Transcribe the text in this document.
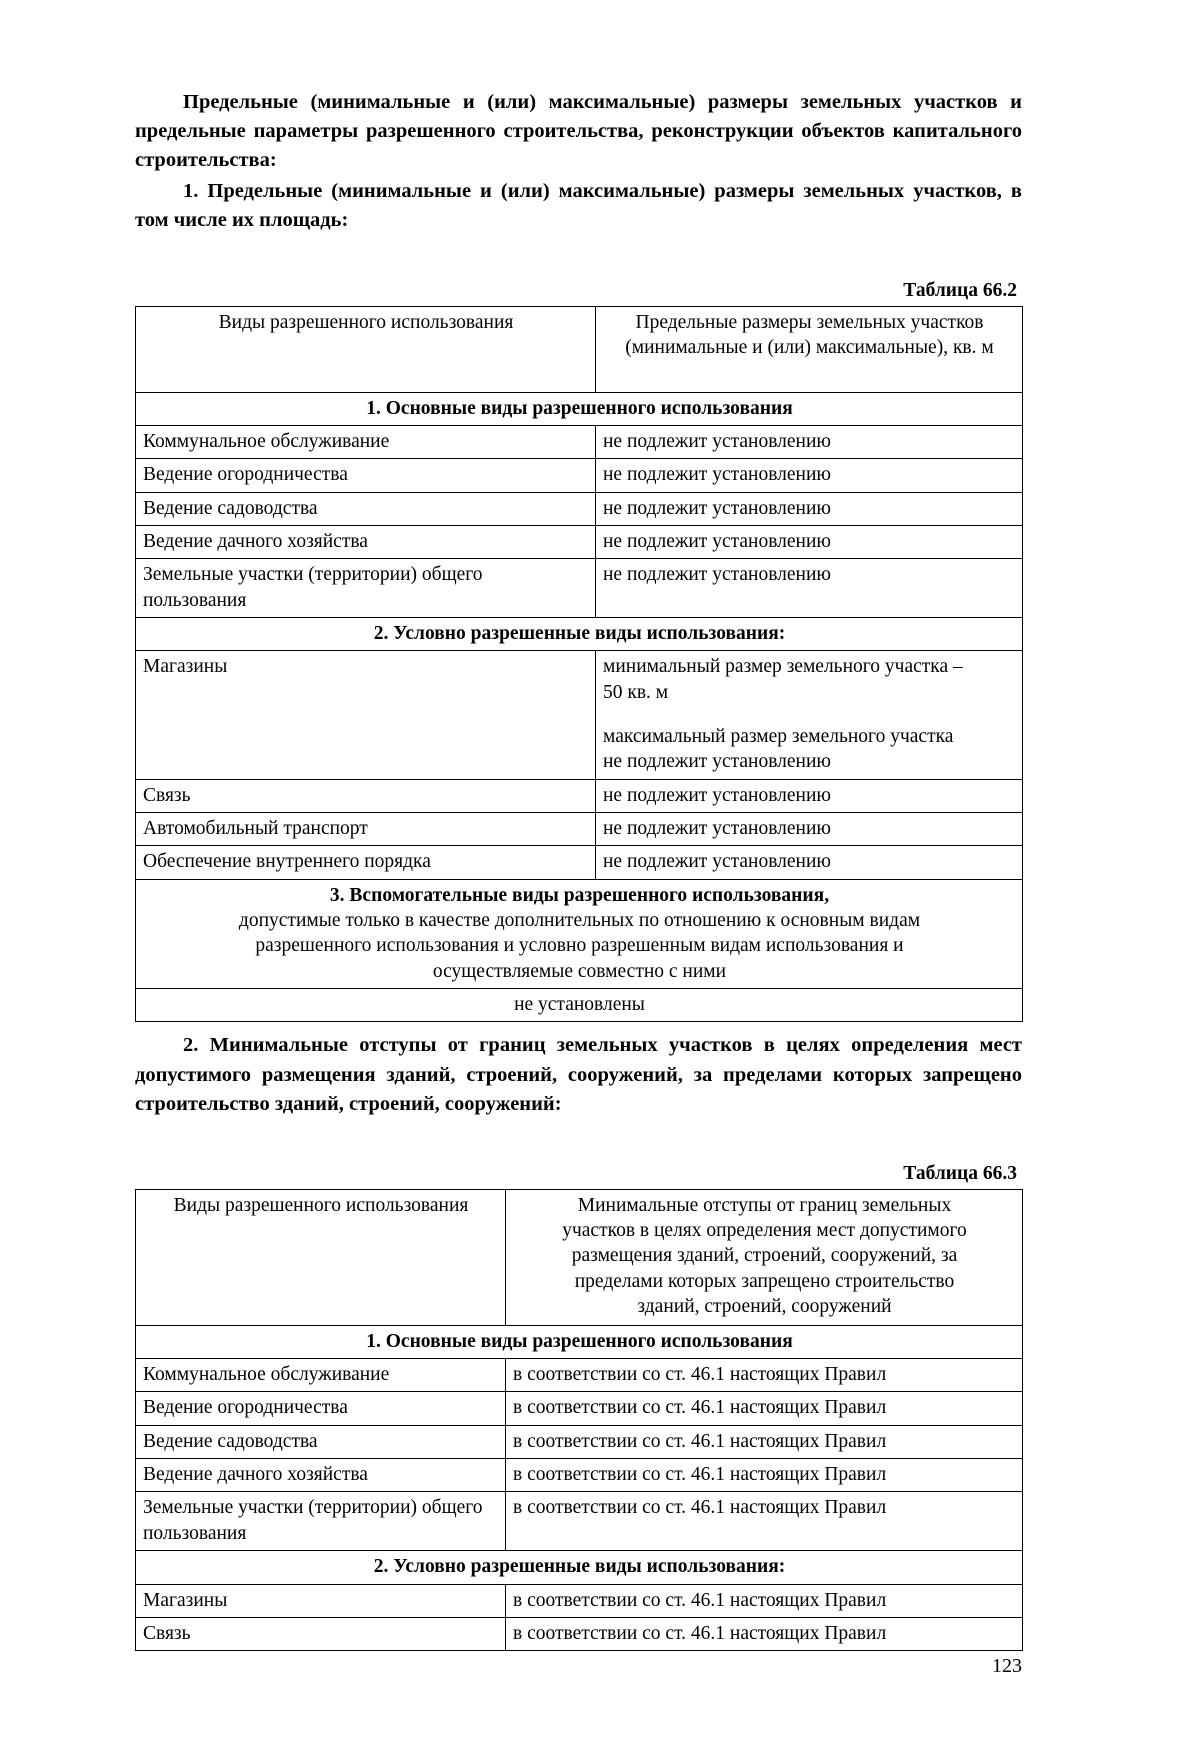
Предельные (минимальные и (или) максимальные) размеры земельных участков и предельные параметры разрешенного строительства, реконструкции объектов капитального строительства:

1. Предельные (минимальные и (или) максимальные) размеры земельных участков, в том числе их площадь:

Таблица 66.2

Виды разрешенного использования	Предельные размеры земельных участков (минимальные и (или) максимальные), кв. м
1. Основные виды разрешенного использования	
Коммунальное обслуживание	не подлежит установлению
Ведение огородничества	не подлежит установлению
Ведение садоводства	не подлежит установлению
Ведение дачного хозяйства	не подлежит установлению
Земельные участки (территории) общего пользования	не подлежит установлению
2. Условно разрешенные виды использования:	
Магазины	минимальный размер земельного участка –
50 кв. м
максимальный размер земельного участка
не подлежит установлению

Связь	не подлежит установлению
Автомобильный транспорт	не подлежит установлению
Обеспечение внутреннего порядка	не подлежит установлению

3. Вспомогательные виды разрешенного использования,
допустимые только в качестве дополнительных по отношению к основным видам
разрешенного использования и условно разрешенным видам использования и
осуществляемые совместно с ними	

не установлены	

2. Минимальные отступы от границ земельных участков в целях определения мест допустимого размещения зданий, строений, сооружений, за пределами которых запрещено строительство зданий, строений, сооружений:

Таблица 66.3

Виды разрешенного использования	Минимальные отступы от границ земельных
участков в целях определения мест допустимого
размещения зданий, строений, сооружений, за
пределами которых запрещено строительство
зданий, строений, сооружений

1. Основные виды разрешенного использования	
Коммунальное обслуживание	в соответствии со ст. 46.1 настоящих Правил
Ведение огородничества	в соответствии со ст. 46.1 настоящих Правил
Ведение садоводства	в соответствии со ст. 46.1 настоящих Правил
Ведение дачного хозяйства	в соответствии со ст. 46.1 настоящих Правил
Земельные участки (территории) общего пользования	в соответствии со ст. 46.1 настоящих Правил
2. Условно разрешенные виды использования:	
Магазины	в соответствии со ст. 46.1 настоящих Правил
Связь	в соответствии со ст. 46.1 настоящих Правил
123
